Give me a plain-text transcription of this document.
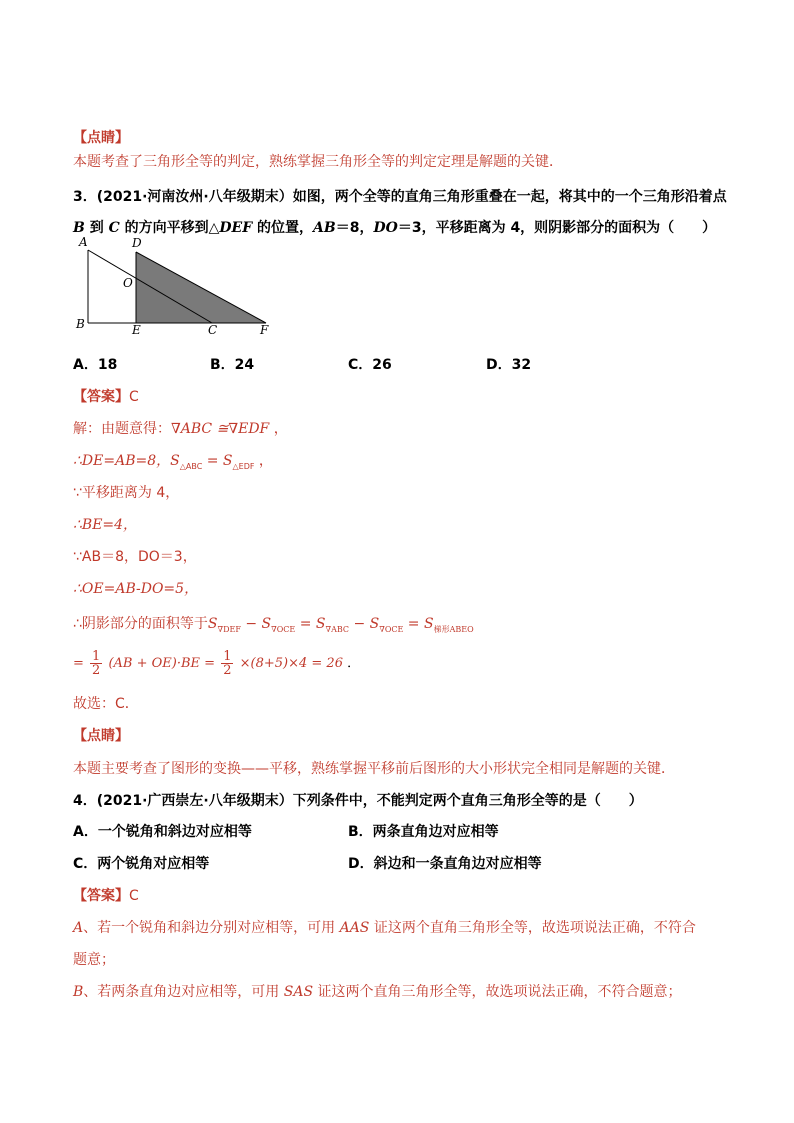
【点睛】
本题考查了三角形全等的判定，熟练掌握三角形全等的判定定理是解题的关键．
3．(2021·河南汝州·八年级期末）如图，两个全等的直角三角形重叠在一起，将其中的一个三角形沿着点
B 到 C 的方向平移到△DEF 的位置，AB＝8，DO＝3，平移距离为 4，则阴影部分的面积为（　　）
A	D
O
B	E	C	F
A．18	B．24	C．26	D．32
【答案】C
解：由题意得：∇ABC ≅∇EDF ，
∴DE=AB=8，$S_{\triangle ABC} = S_{\triangle EDF}$ ，
∵平移距离为 4，
∴BE=4，
∵AB＝8，DO＝3，
∴OE=AB-DO=5，
∴阴影部分的面积等于$S_{\nabla DEF} - S_{\nabla OCE} = S_{\nabla ABC} - S_{\nabla OCE} = S_{梯形ABEO}$
= $\frac{1}{2} (AB + OE)\cdot BE = \frac{1}{2} \times(8+5)\times 4 = 26$ ．
故选：C．
【点睛】
本题主要考查了图形的变换——平移，熟练掌握平移前后图形的大小形状完全相同是解题的关键．
4．(2021·广西崇左·八年级期末）下列条件中，不能判定两个直角三角形全等的是（　　）
A．一个锐角和斜边对应相等	B．两条直角边对应相等
C．两个锐角对应相等	D．斜边和一条直角边对应相等
【答案】C
A、若一个锐角和斜边分别对应相等，可用 AAS 证这两个直角三角形全等，故选项说法正确，不符合
题意；
B、若两条直角边对应相等，可用 SAS 证这两个直角三角形全等，故选项说法正确，不符合题意；
